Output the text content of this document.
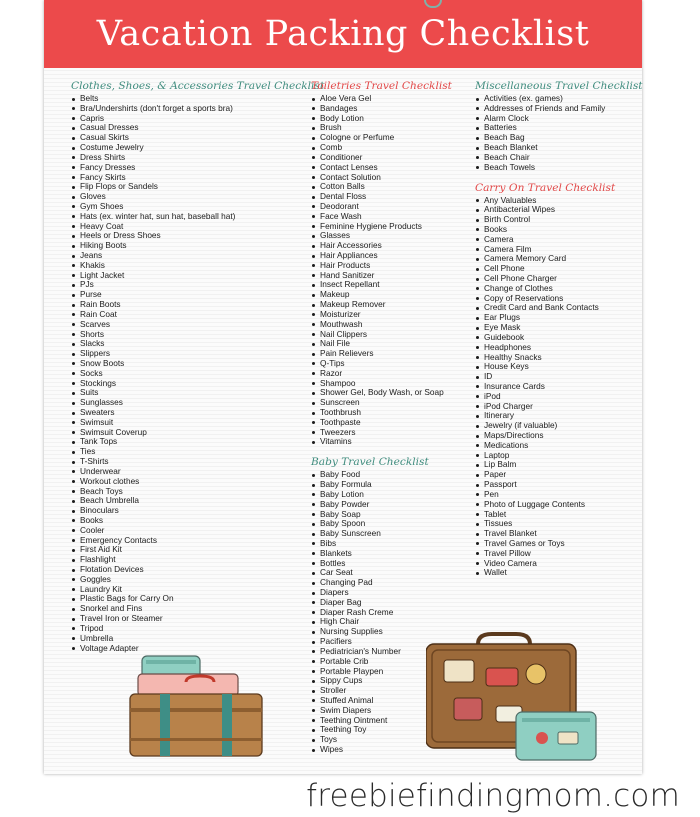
Vacation Packing Checklist
Clothes, Shoes, & Accessories Travel Checklist
Belts
Bra/Undershirts (don't forget a sports bra)
Capris
Casual Dresses
Casual Skirts
Costume Jewelry
Dress Shirts
Fancy Dresses
Fancy Skirts
Flip Flops or Sandels
Gloves
Gym Shoes
Hats (ex. winter hat, sun hat, baseball hat)
Heavy Coat
Heels or Dress Shoes
Hiking Boots
Jeans
Khakis
Light Jacket
PJs
Purse
Rain Boots
Rain Coat
Scarves
Shorts
Slacks
Slippers
Snow Boots
Socks
Stockings
Suits
Sunglasses
Sweaters
Swimsuit
Swimsuit Coverup
Tank Tops
Ties
T-Shirts
Underwear
Workout clothes
Beach Toys
Beach Umbrella
Binoculars
Books
Cooler
Emergency Contacts
First Aid Kit
Flashlight
Flotation Devices
Goggles
Laundry Kit
Plastic Bags for Carry On
Snorkel and Fins
Travel Iron or Steamer
Tripod
Umbrella
Voltage Adapter
Toiletries Travel Checklist
Aloe Vera Gel
Bandages
Body Lotion
Brush
Cologne or Perfume
Comb
Conditioner
Contact Lenses
Contact Solution
Cotton Balls
Dental Floss
Deodorant
Face Wash
Feminine Hygiene Products
Glasses
Hair Accessories
Hair Appliances
Hair Products
Hand Sanitizer
Insect Repellant
Makeup
Makeup Remover
Moisturizer
Mouthwash
Nail Clippers
Nail File
Pain Relievers
Q-Tips
Razor
Shampoo
Shower Gel, Body Wash, or Soap
Sunscreen
Toothbrush
Toothpaste
Tweezers
Vitamins
Baby Travel Checklist
Baby Food
Baby Formula
Baby Lotion
Baby Powder
Baby Soap
Baby Spoon
Baby Sunscreen
Bibs
Blankets
Bottles
Car Seat
Changing Pad
Diapers
Diaper Bag
Diaper Rash Creme
High Chair
Nursing Supplies
Pacifiers
Pediatrician's Number
Portable Crib
Portable Playpen
Sippy Cups
Stroller
Stuffed Animal
Swim Diapers
Teething Ointment
Teething Toy
Toys
Wipes
Miscellaneous Travel Checklist
Activities (ex. games)
Addresses of Friends and Family
Alarm Clock
Batteries
Beach Bag
Beach Blanket
Beach Chair
Beach Towels
Carry On Travel Checklist
Any Valuables
Antibacterial Wipes
Birth Control
Books
Camera
Camera Film
Camera Memory Card
Cell Phone
Cell Phone Charger
Change of Clothes
Copy of Reservations
Credit Card and Bank Contacts
Ear Plugs
Eye Mask
Guidebook
Headphones
Healthy Snacks
House Keys
ID
Insurance Cards
iPod
iPod Charger
Itinerary
Jewelry (if valuable)
Maps/Directions
Medications
Laptop
Lip Balm
Paper
Passport
Pen
Photo of Luggage Contents
Tablet
Tissues
Travel Blanket
Travel Games or Toys
Travel Pillow
Video Camera
Wallet
freebiefindingmom.com
